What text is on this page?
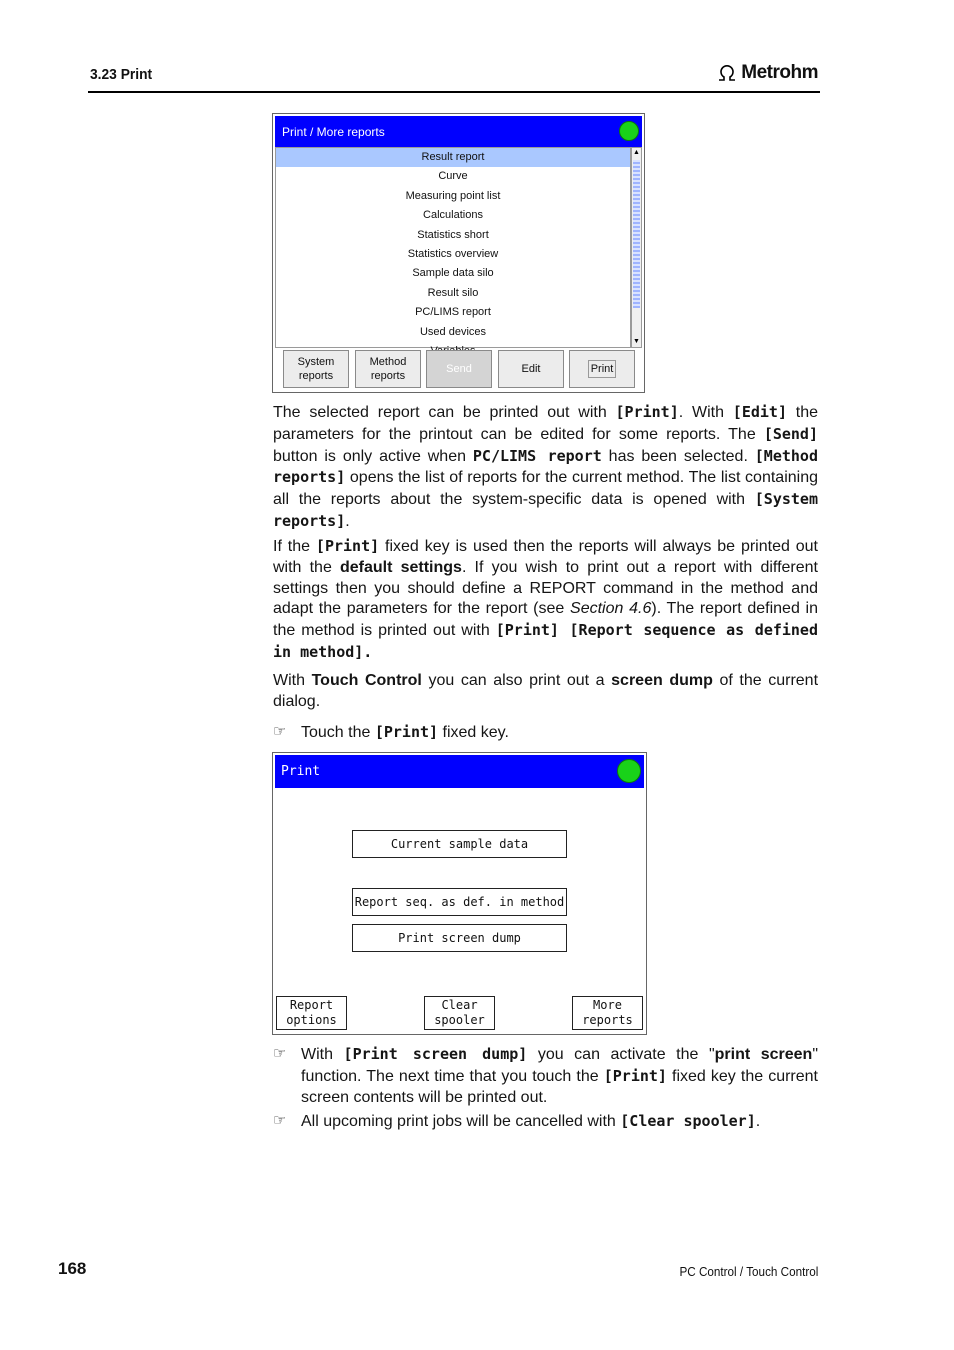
3.23 Print	Metrohm
Print / More reports
Result report
Curve
Measuring point list
Calculations
Statistics short
Statistics overview
Sample data silo
Result silo
PC/LIMS report
Used devices
▲
▼
System
reports
Method
reports
Send	Edit	Print
The selected report can be printed out with [Print]. With [Edit] the parameters for the printout can be edited for some reports. The [Send] button is only active when PC/LIMS report has been selected. [Method reports] opens the list of reports for the current method. The list containing all the reports about the system-specific data is opened with [System reports].
If the [Print] fixed key is used then the reports will always be printed out with the default settings. If you wish to print out a report with different settings then you should define a REPORT command in the method and adapt the parameters for the report (see Section 4.6). The report defined in the method is printed out with [Print] [Report sequence as defined in method].
With Touch Control you can also print out a screen dump of the current dialog.
☞ Touch the [Print] fixed key.
Print
Current sample data
Report seq. as def. in method
Print screen dump
Report
options
Clear
spooler
More
reports
☞ With [Print screen dump] you can activate the "print screen" function. The next time that you touch the [Print] fixed key the current screen contents will be printed out.
☞ All upcoming print jobs will be cancelled with [Clear spooler].
168	PC Control / Touch Control
